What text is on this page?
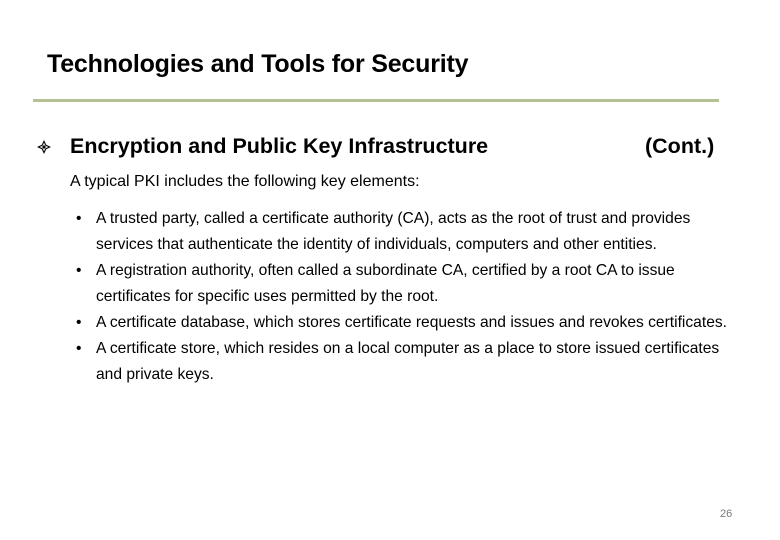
Technologies and Tools for Security
Encryption and Public Key Infrastructure	(Cont.)
A typical PKI includes the following key elements:
• A trusted party, called a certificate authority (CA), acts as the root of trust and provides services that authenticate the identity of individuals, computers and other entities.
• A registration authority, often called a subordinate CA, certified by a root CA to issue certificates for specific uses permitted by the root.
• A certificate database, which stores certificate requests and issues and revokes certificates.
• A certificate store, which resides on a local computer as a place to store issued certificates and private keys.
26
